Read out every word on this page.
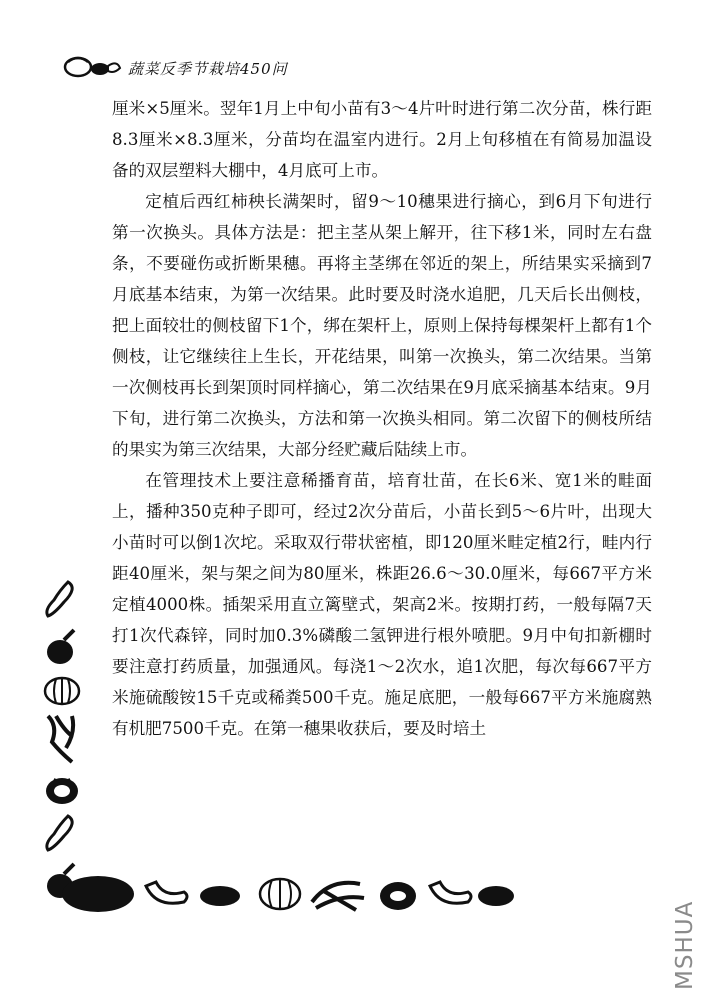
蔬菜反季节栽培450问

厘米×5厘米。翌年1月上中旬小苗有3～4片叶时进行第二次分苗，株行距8.3厘米×8.3厘米，分苗均在温室内进行。2月上旬移植在有简易加温设备的双层塑料大棚中，4月底可上市。

定植后西红柿秧长满架时，留9～10穗果进行摘心，到6月下旬进行第一次换头。具体方法是：把主茎从架上解开，往下移1米，同时左右盘条，不要碰伤或折断果穗。再将主茎绑在邻近的架上，所结果实采摘到7月底基本结束，为第一次结果。此时要及时浇水追肥，几天后长出侧枝，把上面较壮的侧枝留下1个，绑在架杆上，原则上保持每棵架杆上都有1个侧枝，让它继续往上生长，开花结果，叫第一次换头，第二次结果。当第一次侧枝再长到架顶时同样摘心，第二次结果在9月底采摘基本结束。9月下旬，进行第二次换头，方法和第一次换头相同。第二次留下的侧枝所结的果实为第三次结果，大部分经贮藏后陆续上市。

在管理技术上要注意稀播育苗，培育壮苗，在长6米、宽1米的畦面上，播种350克种子即可，经过2次分苗后，小苗长到5～6片叶，出现大小苗时可以倒1次坨。采取双行带状密植，即120厘米畦定植2行，畦内行距40厘米，架与架之间为80厘米，株距26.6～30.0厘米，每667平方米定植4000株。插架采用直立篱壁式，架高2米。按期打药，一般每隔7天打1次代森锌，同时加0.3%磷酸二氢钾进行根外喷肥。9月中旬扣新棚时要注意打药质量，加强通风。每浇1～2次水，追1次肥，每次每667平方米施硫酸铵15千克或稀粪500千克。施足底肥，一般每667平方米施腐熟有机肥7500千克。在第一穗果收获后，要及时培土

MSHUA
